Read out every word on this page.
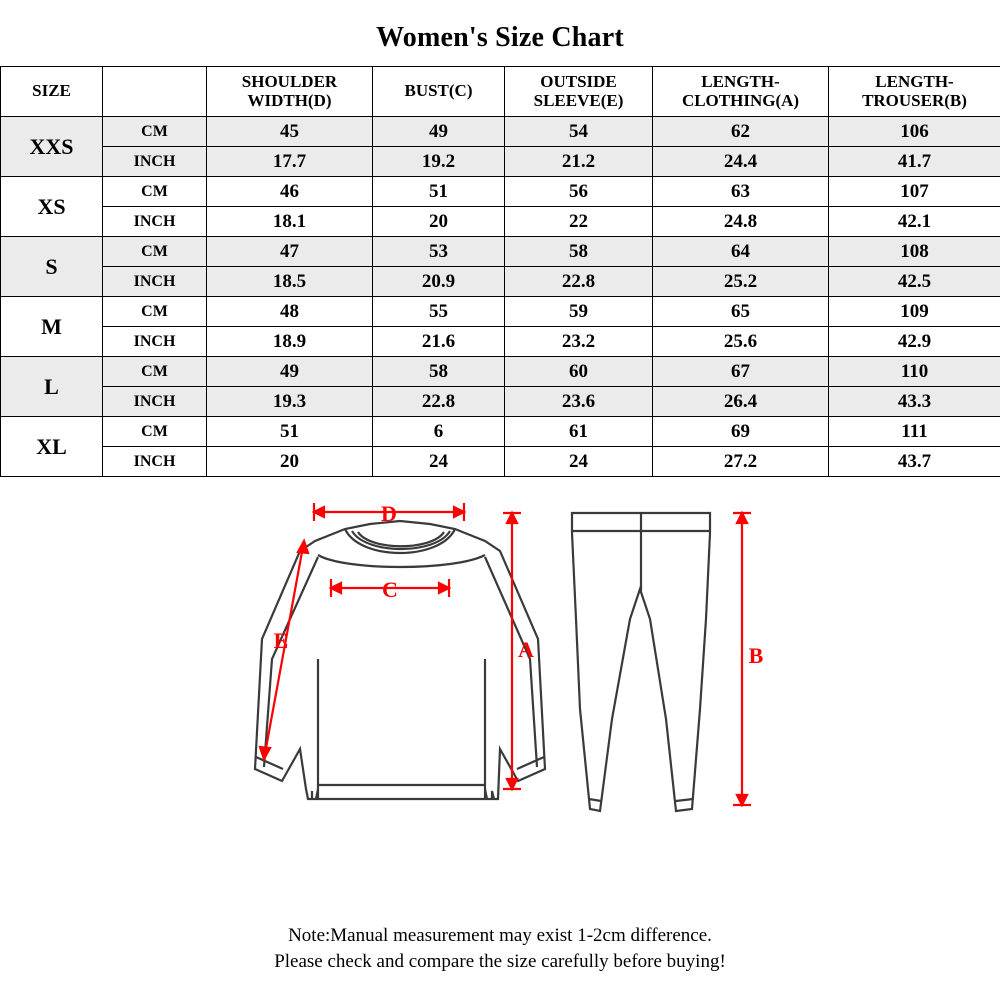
Women's Size Chart
SIZE		SHOULDER WIDTH(D)	BUST(C)	OUTSIDE SLEEVE(E)	LENGTH-CLOTHING(A)	LENGTH-TROUSER(B)
XXS	CM	45	49	54	62	106
	INCH	17.7	19.2	21.2	24.4	41.7
XS	CM	46	51	56	63	107
	INCH	18.1	20	22	24.8	42.1
S	CM	47	53	58	64	108
	INCH	18.5	20.9	22.8	25.2	42.5
M	CM	48	55	59	65	109
	INCH	18.9	21.6	23.2	25.6	42.9
L	CM	49	58	60	67	110
	INCH	19.3	22.8	23.6	26.4	43.3
XL	CM	51	6	61	69	111
	INCH	20	24	24	27.2	43.7
D
C
E	A	B
Note:Manual measurement may exist 1-2cm difference.
Please check and compare the size carefully before buying!
